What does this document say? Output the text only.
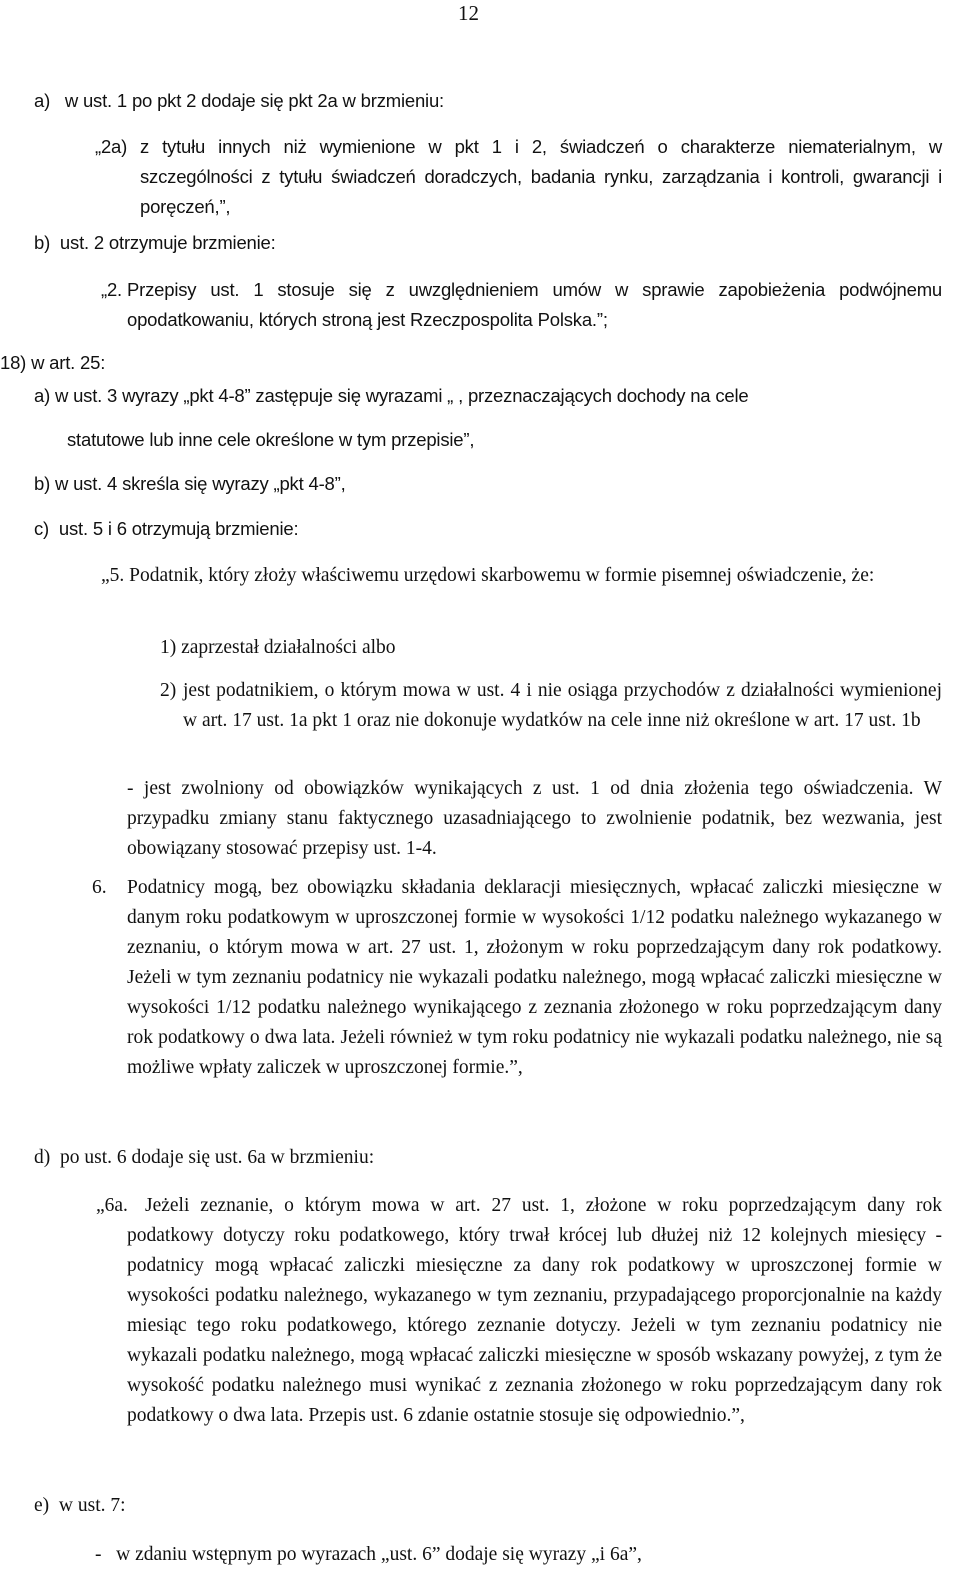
12
a)   w ust. 1 po pkt 2 dodaje się pkt 2a w brzmieniu:
„2a) z tytułu innych niż wymienione w pkt 1 i 2, świadczeń o charakterze niematerialnym, w szczególności z tytułu świadczeń doradczych, badania rynku, zarządzania i kontroli, gwarancji i poręczeń,”,
b)  ust. 2 otrzymuje brzmienie:
„2. Przepisy ust. 1 stosuje się z uwzględnieniem umów w sprawie zapobieżenia podwójnemu opodatkowaniu, których stroną jest Rzeczpospolita Polska.”;
18) w art. 25:
a) w ust. 3 wyrazy „pkt 4-8” zastępuje się wyrazami „ , przeznaczających dochody na cele
statutowe lub inne cele określone w tym przepisie”,
b) w ust. 4 skreśla się wyrazy „pkt 4-8”,
c)  ust. 5 i 6 otrzymują brzmienie:
„5. Podatnik, który złoży właściwemu urzędowi skarbowemu w formie pisemnej oświadczenie, że:
1) zaprzestał działalności albo
2) jest podatnikiem, o którym mowa w ust. 4 i nie osiąga przychodów z działalności wymienionej w art. 17 ust. 1a pkt 1 oraz nie dokonuje wydatków na cele inne niż określone w art. 17 ust. 1b
- jest zwolniony od obowiązków wynikających z ust. 1 od dnia złożenia tego oświadczenia. W przypadku zmiany stanu faktycznego uzasadniającego to zwolnienie podatnik, bez wezwania, jest obowiązany stosować przepisy ust. 1-4.
6.	Podatnicy mogą, bez obowiązku składania deklaracji miesięcznych, wpłacać zaliczki miesięczne w danym roku podatkowym w uproszczonej formie w wysokości 1/12 podatku należnego wykazanego w zeznaniu, o którym mowa w art. 27 ust. 1, złożonym w roku poprzedzającym dany rok podatkowy. Jeżeli w tym zeznaniu podatnicy nie wykazali podatku należnego, mogą wpłacać zaliczki miesięczne w wysokości 1/12 podatku należnego wynikającego z zeznania złożonego w roku poprzedzającym dany rok podatkowy o dwa lata. Jeżeli również w tym roku podatnicy nie wykazali podatku należnego, nie są możliwe wpłaty zaliczek w uproszczonej formie.”,
d)  po ust. 6 dodaje się ust. 6a w brzmieniu:
„6a. Jeżeli zeznanie, o którym mowa w art. 27 ust. 1, złożone w roku poprzedzającym dany rok podatkowy dotyczy roku podatkowego, który trwał krócej lub dłużej niż 12 kolejnych miesięcy - podatnicy mogą wpłacać zaliczki miesięczne za dany rok podatkowy w uproszczonej formie w wysokości podatku należnego, wykazanego w tym zeznaniu, przypadającego proporcjonalnie na każdy miesiąc tego roku podatkowego, którego zeznanie dotyczy. Jeżeli w tym zeznaniu podatnicy nie wykazali podatku należnego, mogą wpłacać zaliczki miesięczne w sposób wskazany powyżej, z tym że wysokość podatku należnego musi wynikać z zeznania złożonego w roku poprzedzającym dany rok podatkowy o dwa lata. Przepis ust. 6 zdanie ostatnie stosuje się odpowiednio.”,
e)  w ust. 7:
-   w zdaniu wstępnym po wyrazach „ust. 6” dodaje się wyrazy „i 6a”,
